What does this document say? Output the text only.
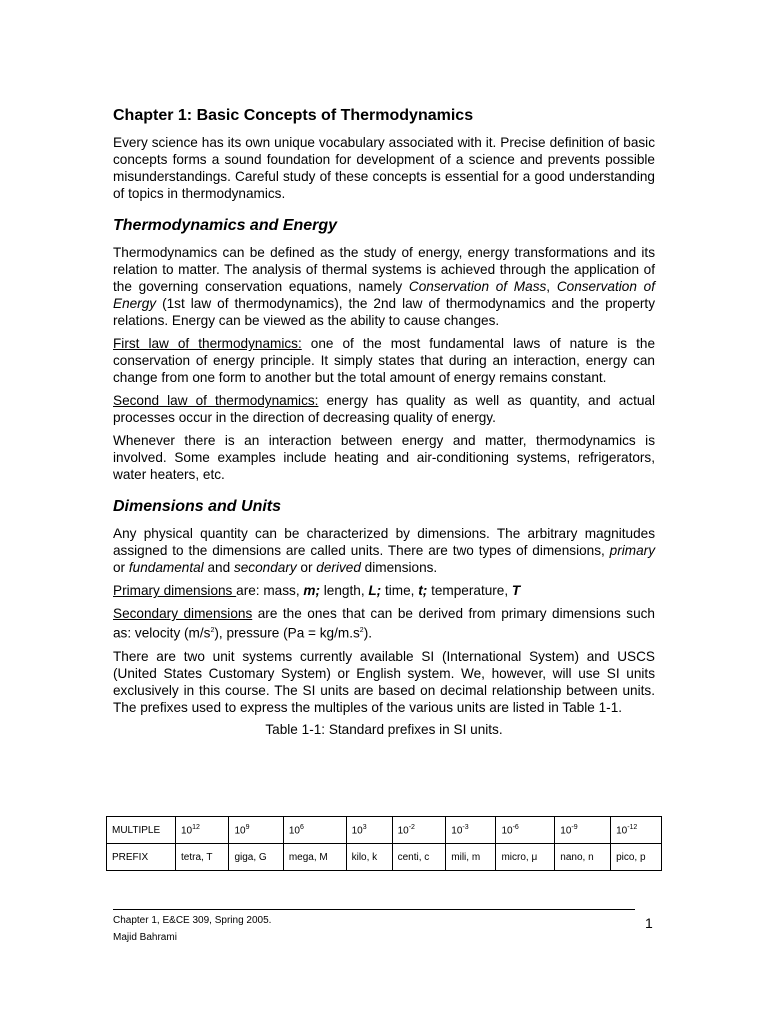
Chapter 1: Basic Concepts of Thermodynamics

Every science has its own unique vocabulary associated with it. Precise definition of basic concepts forms a sound foundation for development of a science and prevents possible misunderstandings. Careful study of these concepts is essential for a good understanding of topics in thermodynamics.

Thermodynamics and Energy

Thermodynamics can be defined as the study of energy, energy transformations and its relation to matter. The analysis of thermal systems is achieved through the application of the governing conservation equations, namely Conservation of Mass, Conservation of Energy (1st law of thermodynamics), the 2nd law of thermodynamics and the property relations. Energy can be viewed as the ability to cause changes.

First law of thermodynamics: one of the most fundamental laws of nature is the conservation of energy principle. It simply states that during an interaction, energy can change from one form to another but the total amount of energy remains constant.

Second law of thermodynamics: energy has quality as well as quantity, and actual processes occur in the direction of decreasing quality of energy.

Whenever there is an interaction between energy and matter, thermodynamics is involved. Some examples include heating and air-conditioning systems, refrigerators, water heaters, etc.

Dimensions and Units

Any physical quantity can be characterized by dimensions. The arbitrary magnitudes assigned to the dimensions are called units. There are two types of dimensions, primary or fundamental and secondary or derived dimensions.

Primary dimensions are: mass, m; length, L; time, t; temperature, T

Secondary dimensions are the ones that can be derived from primary dimensions such as: velocity $(m/s^2)$, pressure $(Pa = kg/m.s^2)$.

There are two unit systems currently available SI (International System) and USCS (United States Customary System) or English system. We, however, will use SI units exclusively in this course. The SI units are based on decimal relationship between units. The prefixes used to express the multiples of the various units are listed in Table 1-1.

Table 1-1: Standard prefixes in SI units.
MULTIPLE	$10^{12}$	$10^9$	$10^6$	$10^3$	$10^{-2}$	$10^{-3}$	$10^{-6}$	$10^{-9}$	$10^{-12}$
PREFIX	tetra, T	giga, G	mega, M	kilo, k	centi, c	mili, m	micro, μ	nano, n	pico, p
Chapter 1, E&CE 309, Spring 2005.
Majid Bahrami
1
